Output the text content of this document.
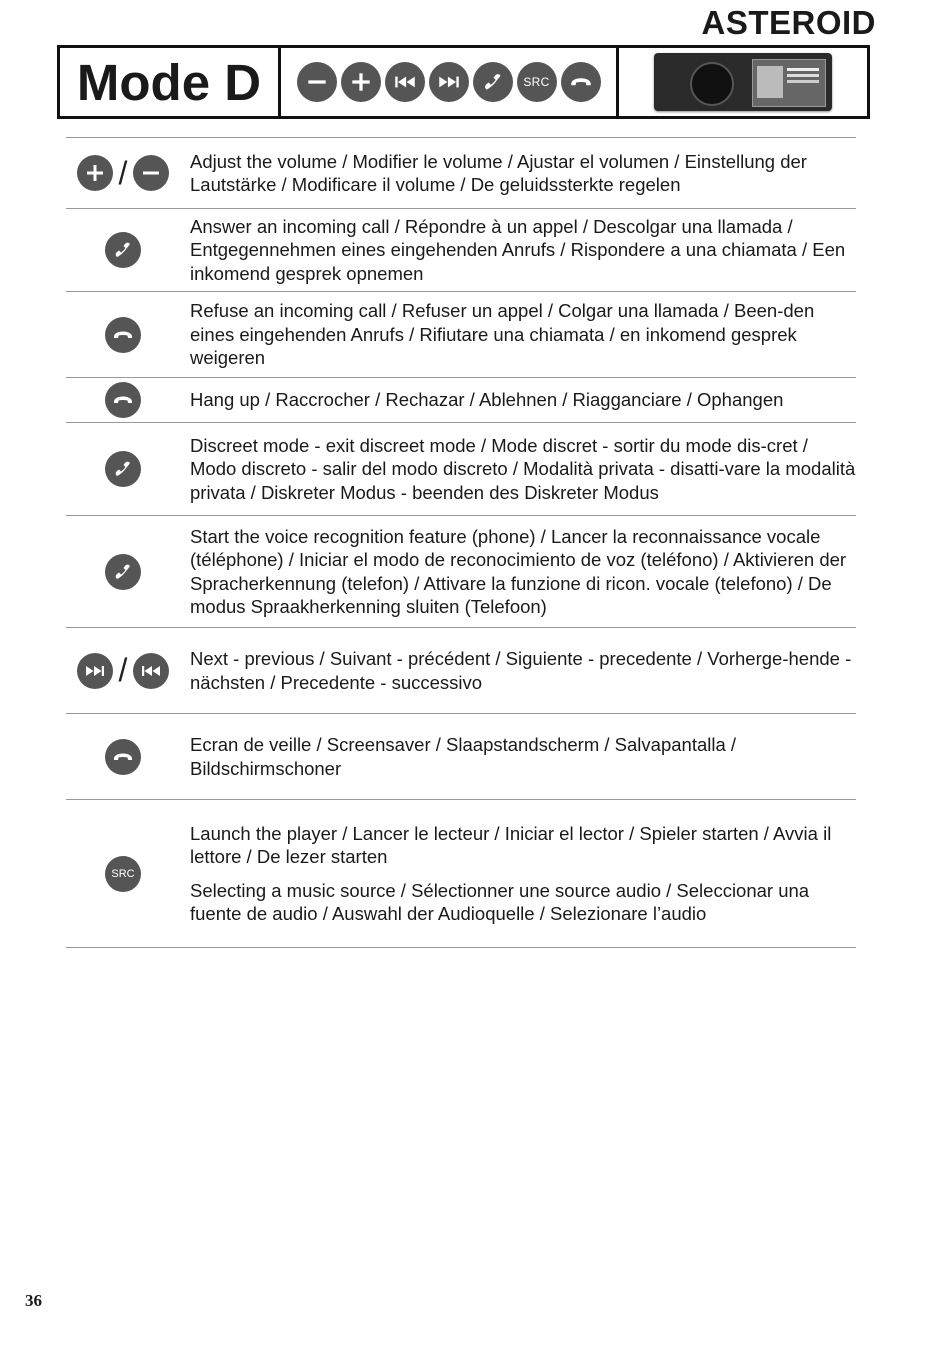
ASTEROID
Mode D	SRC
/	Adjust the volume / Modifier le volume / Ajustar el volumen / Einstellung der Lautstärke / Modificare il volume / De geluidssterkte regelen

Answer an incoming call / Répondre à un appel / Descolgar una llamada / Entgegennehmen eines eingehenden Anrufs / Rispondere a una chiamata / Een inkomend gesprek opnemen

Refuse an incoming call / Refuser un appel / Colgar una llamada / Been-den eines eingehenden Anrufs / Rifiutare una chiamata / en inkomend gesprek weigeren

Hang up / Raccrocher / Rechazar / Ablehnen / Riagganciare / Ophangen

Discreet mode - exit discreet mode / Mode discret - sortir du mode dis-cret / Modo discreto - salir del modo discreto / Modalità privata - disatti-vare la modalità privata / Diskreter Modus - beenden des Diskreter Modus

Start the voice recognition feature (phone) / Lancer la reconnaissance vocale (téléphone) / Iniciar el modo de reconocimiento de voz (teléfono) / Aktivieren der Spracherkennung (telefon) / Attivare la funzione di ricon. vocale (telefono) / De modus Spraakherkenning sluiten (Telefoon)

/	Next - previous / Suivant - précédent / Siguiente - precedente / Vorherge-hende - nächsten / Precedente - successivo

Ecran de veille / Screensaver / Slaapstandscherm / Salvapantalla / Bildschirmschoner

SRC

Launch the player / Lancer le lecteur / Iniciar el lector / Spieler starten / Avvia il lettore / De lezer starten

Selecting a music source / Sélectionner une source audio / Seleccionar una fuente de audio / Auswahl der Audioquelle / Selezionare l’audio

36
